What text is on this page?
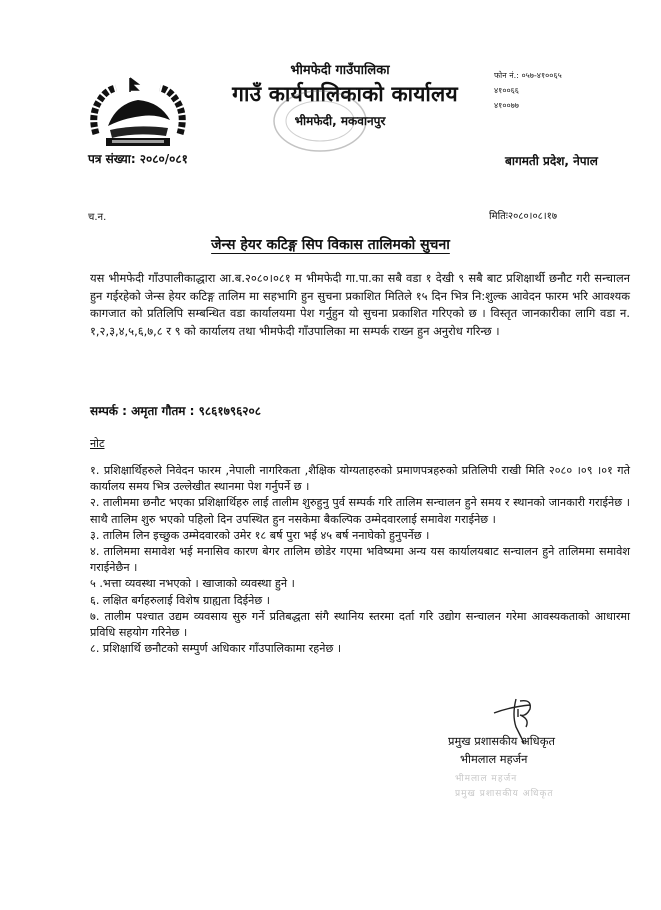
भीमफेदी गाउँपालिका
गाउँ कार्यपालिकाको कार्यालय
भीमफेदी, मकवानपुर
फोन नं.: ०५७-४१००६५
४१००६६
४१००७७
पत्र संख्या: २०८०/०८१	बागमती प्रदेश, नेपाल
च.न.	मितिः२०८०।०८।१७
जेन्स हेयर कटिङ्ग सिप विकास तालिमको सुचना
यस भीमफेदी गाँउपालीकाद्धारा आ.ब.२०८०।०८१ म भीमफेदी गा.पा.का सबै वडा १ देखी ९ सबै बाट प्रशिक्षार्थी छनौट गरी सन्चालन हुन गईरहेको जेन्स हेयर कटिङ्ग तालिम मा सहभागि हुन सुचना प्रकाशित मितिले १५ दिन भित्र नि:शुल्क आवेदन फारम भरि आवश्यक कागजात को प्रतिलिपि सम्बन्धित वडा कार्यालयमा पेश गर्नुहुन यो सुचना प्रकाशित गरिएको छ । विस्तृत जानकारीका लागि वडा न. १,२,३,४,५,६,७,८ र ९ को कार्यालय तथा भीमफेदी गाँउपालिका मा सम्पर्क राख्न हुन अनुरोध गरिन्छ ।
सम्पर्क : अमृता गौतम : ९८६१७९६२०८
नोट

१. प्रशिक्षार्थिहरुले निवेदन फारम ,नेपाली नागरिकता ,शैक्षिक योग्यताहरुको प्रमाणपत्रहरुको प्रतिलिपी राखी मिति २०८० ।०९ ।०१ गते कार्यालय समय भित्र उल्लेखीत स्थानमा पेश गर्नुपर्ने छ ।

२. तालीममा छनौट भएका प्रशिक्षार्थिहरु लाई तालीम शुरुहुनु पुर्व सम्पर्क गरि तालिम सन्चालन हुने समय र स्थानको जानकारी गराईनेछ । साथै तालिम शुरु भएको पहिलो दिन उपस्थित हुन नसकेमा बैकल्पिक उम्मेदवारलाई समावेश गराईनेछ ।

३. तालिम लिन इच्छुक उम्मेदवारको उमेर १८ बर्ष पुरा भई ४५ बर्ष ननाघेको हुनुपर्नेछ ।

४. तालिममा समावेश भई मनासिव कारण बेगर तालिम छोडेर गएमा भविष्यमा अन्य यस कार्यालयबाट सन्चालन हुने तालिममा समावेश गराईनेछैन ।

५ .भत्ता व्यवस्था नभएको । खाजाको व्यवस्था हुने ।

६. लक्षित बर्गहरुलाई विशेष ग्राह्यता दिईनेछ ।

७. तालीम पश्चात उद्यम व्यवसाय सुरु गर्ने प्रतिबद्धता संगै स्थानिय स्तरमा दर्ता गरि उद्योग सन्चालन गरेमा आवस्यकताको आधारमा प्रविधि सहयोग गरिनेछ ।

८. प्रशिक्षार्थि छनौटको सम्पुर्ण अधिकार गाँउपालिकामा रहनेछ ।

प्रमुख प्रशासकीय अधिकृत
भीमलाल महर्जन
भीमलाल महर्जन
प्रमुख प्रशासकीय अधिकृत
